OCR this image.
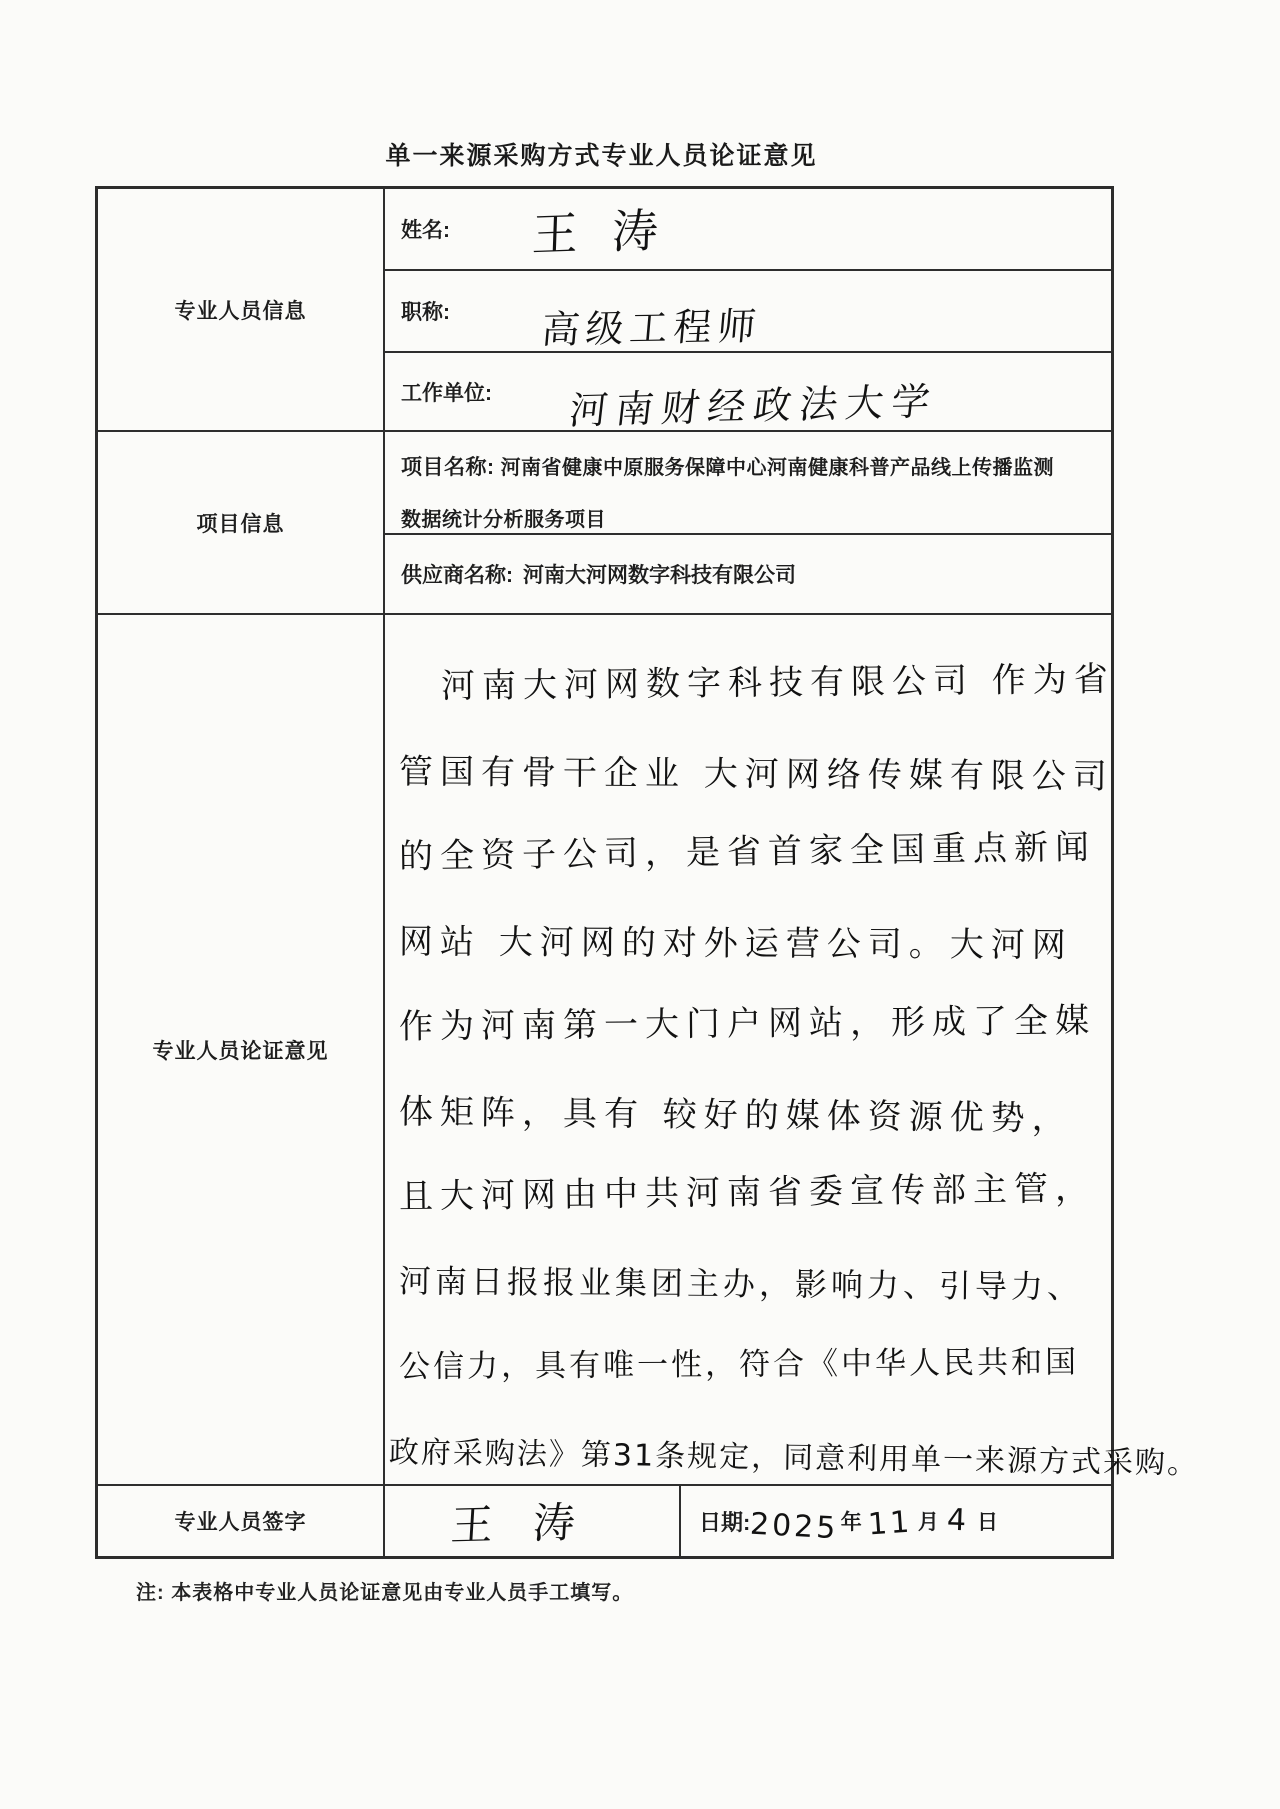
单一来源采购方式专业人员论证意见
专业人员信息
姓名: 王涛
职称: 高级工程师
工作单位: 河南财经政法大学
项目信息

项目名称: 河南省健康中原服务保障中心河南健康科普产品线上传播监测数据统计分析服务项目

供应商名称: 河南大河网数字科技有限公司
专业人员论证意见
河南大河网数字科技有限公司 作为省
管国有骨干企业 大河网络传媒有限公司
的全资子公司，是省首家全国重点新闻
网站 大河网的对外运营公司。大河网
作为河南第一大门户网站，形成了全媒
体矩阵，具有 较好的媒体资源优势，
且大河网由中共河南省委宣传部主管，
河南日报报业集团主办，影响力、引导力、
公信力，具有唯一性，符合《中华人民共和国
政府采购法》第31条规定，同意利用单一来源方式采购。
专业人员签字	王涛	日期: 2025 年 11 月 4 日
注: 本表格中专业人员论证意见由专业人员手工填写。
